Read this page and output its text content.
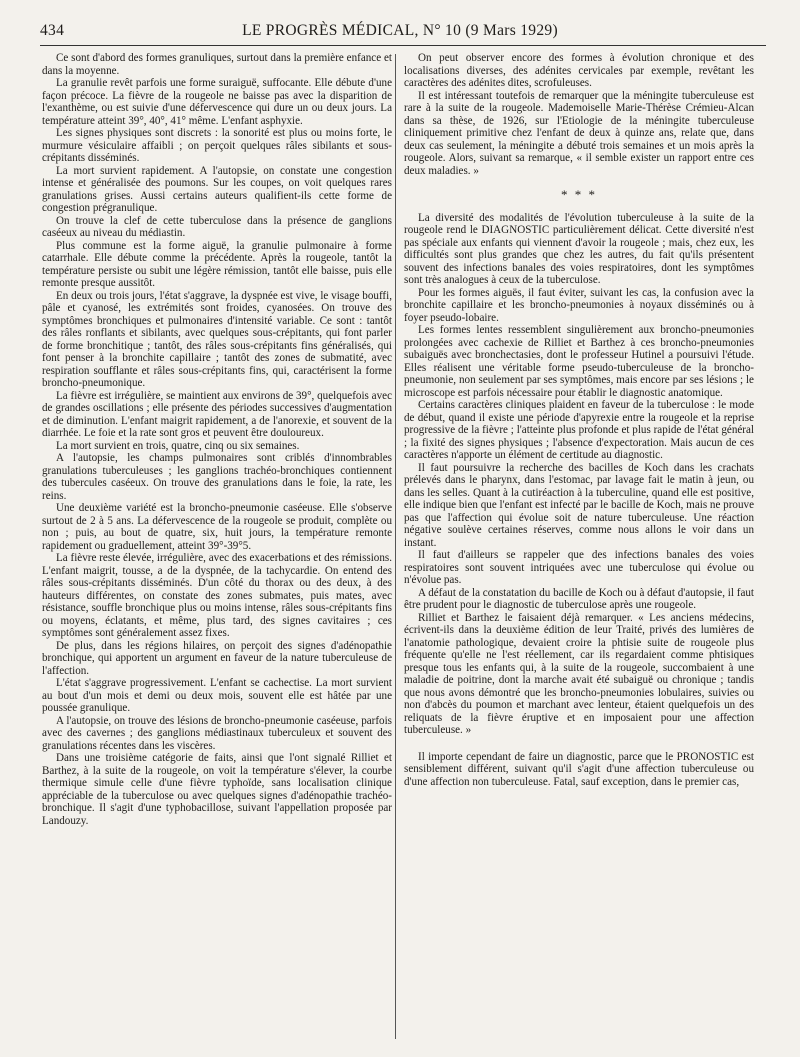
434	LE PROGRÈS MÉDICAL, N° 10 (9 Mars 1929)

Ce sont d'abord des formes granuliques, surtout dans la première enfance et dans la moyenne.

La granulie revêt parfois une forme suraiguë, suffocante. Elle débute d'une façon précoce. La fièvre de la rougeole ne baisse pas avec la disparition de l'exanthème, ou est suivie d'une défervescence qui dure un ou deux jours. La température atteint 39°, 40°, 41° même. L'enfant asphyxie.

Les signes physiques sont discrets : la sonorité est plus ou moins forte, le murmure vésiculaire affaibli ; on perçoit quelques râles sibilants et sous-crépitants disséminés.

La mort survient rapidement. A l'autopsie, on constate une congestion intense et généralisée des poumons. Sur les coupes, on voit quelques rares granulations grises. Aussi certains auteurs qualifient-ils cette forme de congestion prégranulique.

On trouve la clef de cette tuberculose dans la présence de ganglions caséeux au niveau du médiastin.

Plus commune est la forme aiguë, la granulie pulmonaire à forme catarrhale. Elle débute comme la précédente. Après la rougeole, tantôt la température persiste ou subit une légère rémission, tantôt elle baisse, puis elle remonte presque aussitôt.

En deux ou trois jours, l'état s'aggrave, la dyspnée est vive, le visage bouffi, pâle et cyanosé, les extrémités sont froides, cyanosées. On trouve des symptômes bronchiques et pulmonaires d'intensité variable. Ce sont : tantôt des râles ronflants et sibilants, avec quelques sous-crépitants, qui font parler de forme bronchitique ; tantôt, des râles sous-crépitants fins généralisés, qui font penser à la bronchite capillaire ; tantôt des zones de submatité, avec respiration soufflante et râles sous-crépitants fins, qui, caractérisent la forme broncho-pneumonique.

La fièvre est irrégulière, se maintient aux environs de 39°, quelquefois avec de grandes oscillations ; elle présente des périodes successives d'augmentation et de diminution. L'enfant maigrit rapidement, a de l'anorexie, et souvent de la diarrhée. Le foie et la rate sont gros et peuvent être douloureux.

La mort survient en trois, quatre, cinq ou six semaines.

A l'autopsie, les champs pulmonaires sont criblés d'innombrables granulations tuberculeuses ; les ganglions trachéo-bronchiques contiennent des tubercules caséeux. On trouve des granulations dans le foie, la rate, les reins.

Une deuxième variété est la broncho-pneumonie caséeuse. Elle s'observe surtout de 2 à 5 ans. La défervescence de la rougeole se produit, complète ou non ; puis, au bout de quatre, six, huit jours, la température remonte rapidement ou graduellement, atteint 39°-39°5.

La fièvre reste élevée, irrégulière, avec des exacerbations et des rémissions. L'enfant maigrit, tousse, a de la dyspnée, de la tachycardie. On entend des râles sous-crépitants disséminés. D'un côté du thorax ou des deux, à des hauteurs différentes, on constate des zones submates, puis mates, avec résistance, souffle bronchique plus ou moins intense, râles sous-crépitants fins ou moyens, éclatants, et même, plus tard, des signes cavitaires ; ces symptômes sont généralement assez fixes.

De plus, dans les régions hilaires, on perçoit des signes d'adénopathie bronchique, qui apportent un argument en faveur de la nature tuberculeuse de l'affection.

L'état s'aggrave progressivement. L'enfant se cachectise. La mort survient au bout d'un mois et demi ou deux mois, souvent elle est hâtée par une poussée granulique.

A l'autopsie, on trouve des lésions de broncho-pneumonie caséeuse, parfois avec des cavernes ; des ganglions médiastinaux tuberculeux et souvent des granulations récentes dans les viscères.

Dans une troisième catégorie de faits, ainsi que l'ont signalé Rilliet et Barthez, à la suite de la rougeole, on voit la température s'élever, la courbe thermique simule celle d'une fièvre typhoïde, sans localisation clinique appréciable de la tuberculose ou avec quelques signes d'adénopathie trachéo-bronchique. Il s'agit d'une typhobacillose, suivant l'appellation proposée par Landouzy.

On peut observer encore des formes à évolution chronique et des localisations diverses, des adénites cervicales par exemple, revêtant les caractères des adénites dites, scrofuleuses.

Il est intéressant toutefois de remarquer que la méningite tuberculeuse est rare à la suite de la rougeole. Mademoiselle Marie-Thérèse Crémieu-Alcan dans sa thèse, de 1926, sur l'Etiologie de la méningite tuberculeuse cliniquement primitive chez l'enfant de deux à quinze ans, relate que, dans deux cas seulement, la méningite a débuté trois semaines et un mois après la rougeole. Alors, suivant sa remarque, « il semble exister un rapport entre ces deux maladies. »

* * *

La diversité des modalités de l'évolution tuberculeuse à la suite de la rougeole rend le DIAGNOSTIC particulièrement délicat. Cette diversité n'est pas spéciale aux enfants qui viennent d'avoir la rougeole ; mais, chez eux, les difficultés sont plus grandes que chez les autres, du fait qu'ils présentent souvent des infections banales des voies respiratoires, dont les symptômes sont très analogues à ceux de la tuberculose.

Pour les formes aiguës, il faut éviter, suivant les cas, la confusion avec la bronchite capillaire et les broncho-pneumonies à noyaux disséminés ou à foyer pseudo-lobaire.

Les formes lentes ressemblent singulièrement aux broncho-pneumonies prolongées avec cachexie de Rilliet et Barthez à ces broncho-pneumonies subaiguës avec bronchectasies, dont le professeur Hutinel a poursuivi l'étude. Elles réalisent une véritable forme pseudo-tuberculeuse de la broncho-pneumonie, non seulement par ses symptômes, mais encore par ses lésions ; le microscope est parfois nécessaire pour établir le diagnostic anatomique.

Certains caractères cliniques plaident en faveur de la tuberculose : le mode de début, quand il existe une période d'apyrexie entre la rougeole et la reprise progressive de la fièvre ; l'atteinte plus profonde et plus rapide de l'état général ; la fixité des signes physiques ; l'absence d'expectoration. Mais aucun de ces caractères n'apporte un élément de certitude au diagnostic.

Il faut poursuivre la recherche des bacilles de Koch dans les crachats prélevés dans le pharynx, dans l'estomac, par lavage fait le matin à jeun, ou dans les selles. Quant à la cutiréaction à la tuberculine, quand elle est positive, elle indique bien que l'enfant est infecté par le bacille de Koch, mais ne prouve pas que l'affection qui évolue soit de nature tuberculeuse. Une réaction négative soulève certaines réserves, comme nous allons le voir dans un instant.

Il faut d'ailleurs se rappeler que des infections banales des voies respiratoires sont souvent intriquées avec une tuberculose qui évolue ou n'évolue pas.

A défaut de la constatation du bacille de Koch ou à défaut d'autopsie, il faut être prudent pour le diagnostic de tuberculose après une rougeole.

Rilliet et Barthez le faisaient déjà remarquer. « Les anciens médecins, écrivent-ils dans la deuxième édition de leur Traité, privés des lumières de l'anatomie pathologique, devaient croire la phtisie suite de rougeole plus fréquente qu'elle ne l'est réellement, car ils regardaient comme phtisiques presque tous les enfants qui, à la suite de la rougeole, succombaient à une maladie de poitrine, dont la marche avait été subaiguë ou chronique ; tandis que nous avons démontré que les broncho-pneumonies lobulaires, suivies ou non d'abcès du poumon et marchant avec lenteur, étaient quelquefois un des reliquats de la fièvre éruptive et en imposaient pour une affection tuberculeuse. »

Il importe cependant de faire un diagnostic, parce que le PRONOSTIC est sensiblement différent, suivant qu'il s'agit d'une affection tuberculeuse ou d'une affection non tuberculeuse. Fatal, sauf exception, dans le premier cas,
